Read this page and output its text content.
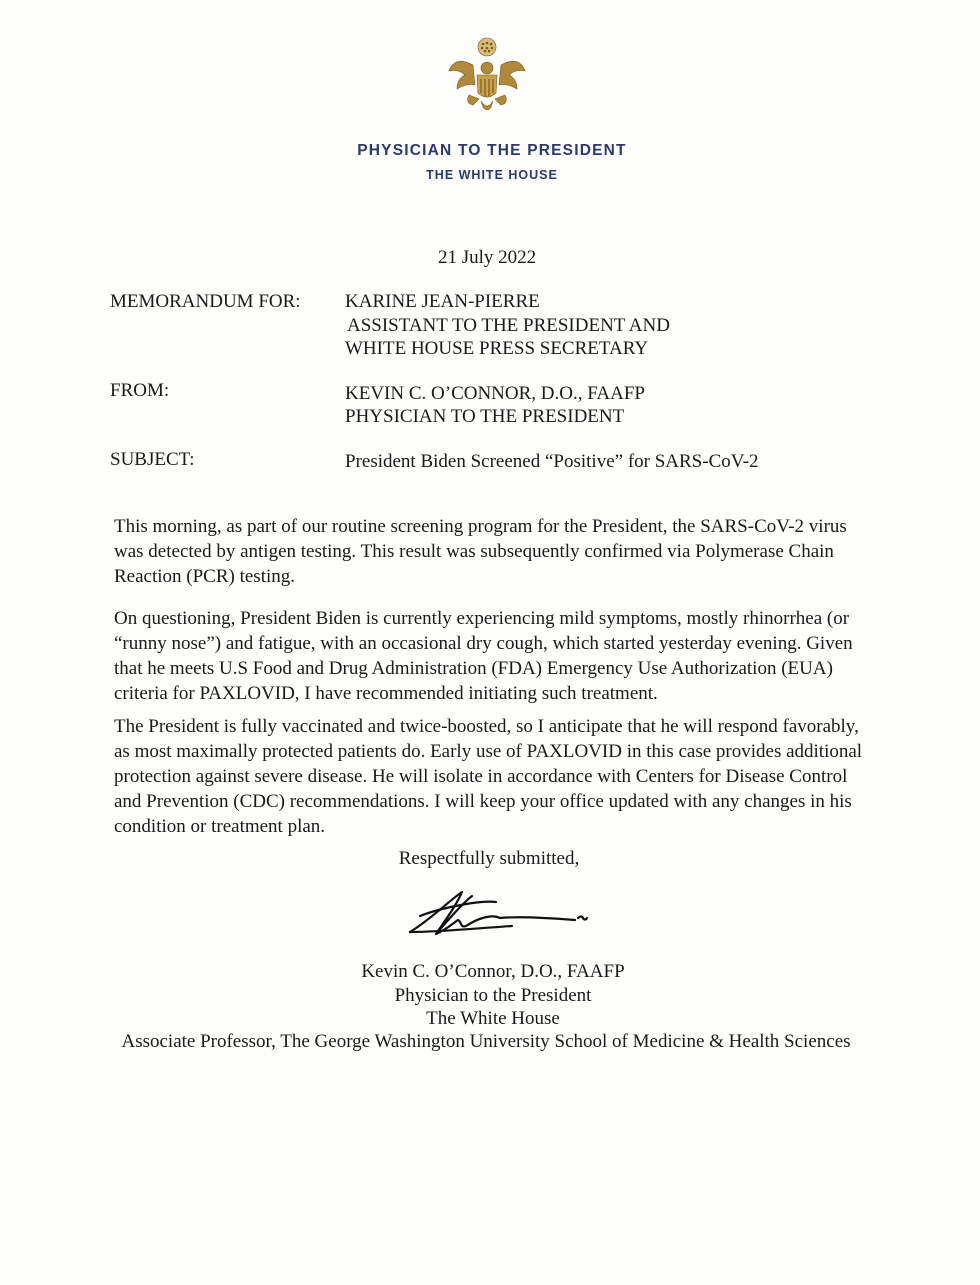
PHYSICIAN TO THE PRESIDENT
THE WHITE HOUSE
21 July 2022
MEMORANDUM FOR: KARINE JEAN-PIERRE
ASSISTANT TO THE PRESIDENT AND
WHITE HOUSE PRESS SECRETARY
FROM:	KEVIN C. O’CONNOR, D.O., FAAFP
PHYSICIAN TO THE PRESIDENT
SUBJECT:	President Biden Screened “Positive” for SARS-CoV-2
This morning, as part of our routine screening program for the President, the SARS-CoV-2 virus was detected by antigen testing. This result was subsequently confirmed via Polymerase Chain Reaction (PCR) testing.
On questioning, President Biden is currently experiencing mild symptoms, mostly rhinorrhea (or “runny nose”) and fatigue, with an occasional dry cough, which started yesterday evening. Given that he meets U.S Food and Drug Administration (FDA) Emergency Use Authorization (EUA) criteria for PAXLOVID, I have recommended initiating such treatment.
The President is fully vaccinated and twice-boosted, so I anticipate that he will respond favorably, as most maximally protected patients do. Early use of PAXLOVID in this case provides additional protection against severe disease. He will isolate in accordance with Centers for Disease Control and Prevention (CDC) recommendations. I will keep your office updated with any changes in his condition or treatment plan.
Respectfully submitted,
Kevin C. O’Connor, D.O., FAAFP
Physician to the President
The White House
Associate Professor, The George Washington University School of Medicine & Health Sciences
